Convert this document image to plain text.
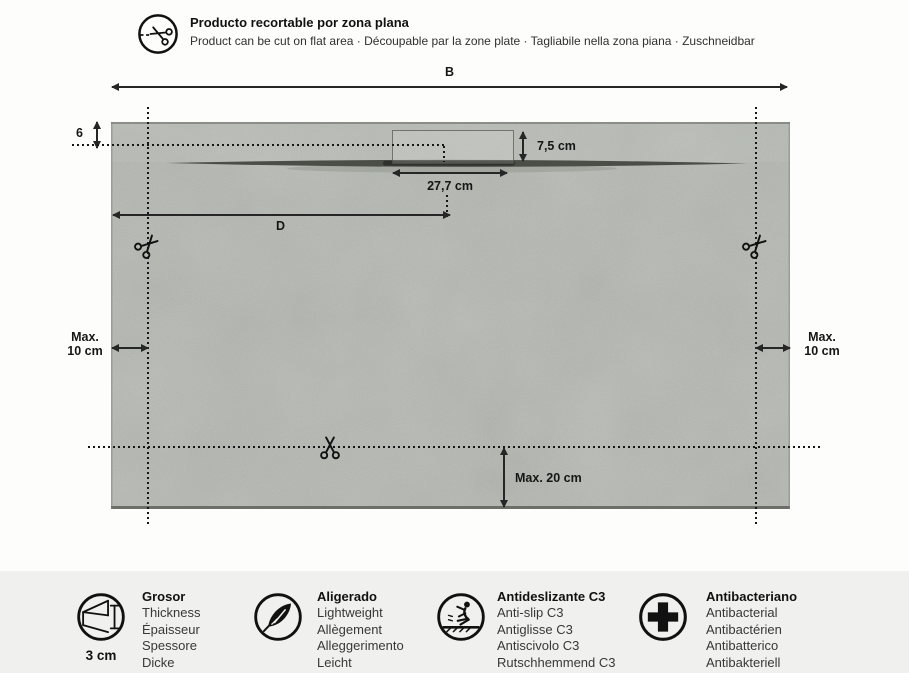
Producto recortable por zona plana
Product can be cut on flat area · Découpable par la zone plate · Tagliabile nella zona piana · Zuschneidbar
B
6
7,5 cm
27,7 cm
D
Max.
10 cm
Max.
10 cm
Max. 20 cm
3 cm
Grosor
Thickness
Épaisseur
Spessore
Dicke
Aligerado
Lightweight
Allègement
Alleggerimento
Leicht
Antideslizante C3
Anti-slip C3
Antiglisse C3
Antiscivolo C3
Rutschhemmend C3
Antibacteriano
Antibacterial
Antibactérien
Antibatterico
Antibakteriell
